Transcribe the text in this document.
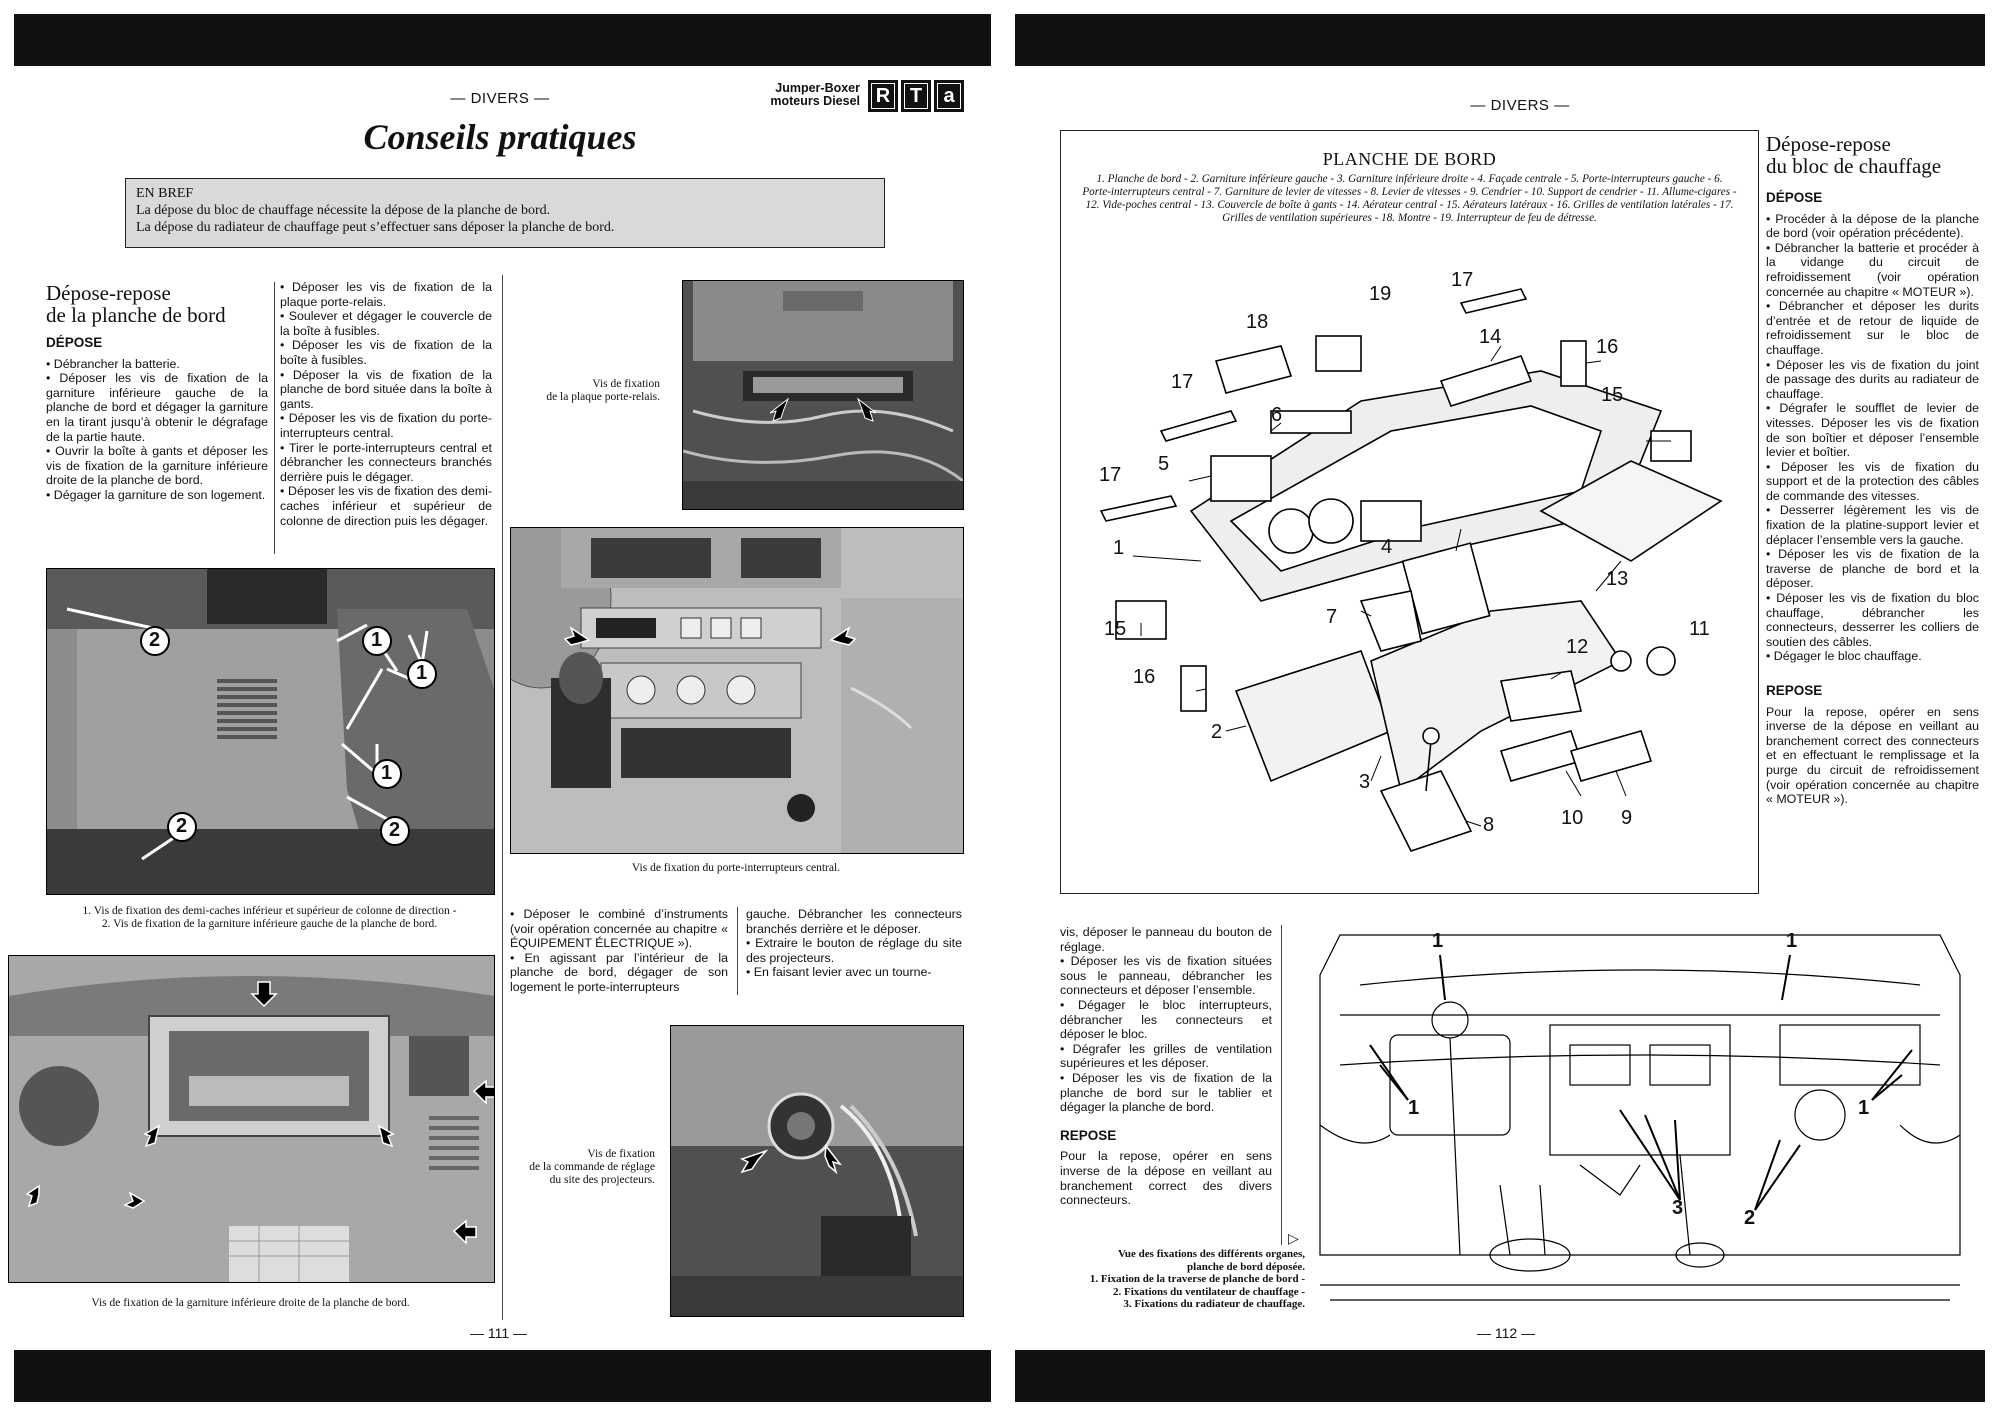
— DIVERS —
Jumper-Boxer
moteurs Diesel R T	a
Conseils pratiques
EN BREF
La dépose du bloc de chauffage nécessite la dépose de la planche de bord.
La dépose du radiateur de chauffage peut s’effectuer sans déposer la planche de bord.
Dépose-repose
de la planche de bord
DÉPOSE

• Débrancher la batterie.

• Déposer les vis de fixation de la garniture inférieure gauche de la planche de bord et dégager la garniture en la tirant jusqu’à obtenir le dégrafage de la partie haute.

• Ouvrir la boîte à gants et déposer les vis de fixation de la garniture inférieure droite de la planche de bord.

• Dégager la garniture de son logement.

• Déposer les vis de fixation de la plaque porte-relais.

• Soulever et dégager le couvercle de la boîte à fusibles.

• Déposer les vis de fixation de la boîte à fusibles.

• Déposer la vis de fixation de la planche de bord située dans la boîte à gants.

• Déposer les vis de fixation du porte-interrupteurs central.

• Tirer le porte-interrupteurs central et débrancher les connecteurs branchés derrière puis le dégager.

• Déposer les vis de fixation des demi-caches inférieur et supérieur de colonne de direction puis les dégager.

Vis de fixation
de la plaque porte-relais.
Vis de fixation du porte-interrupteurs central.
1
1
1
2
2	2
1. Vis de fixation des demi-caches inférieur et supérieur de colonne de direction -
2. Vis de fixation de la garniture inférieure gauche de la planche de bord.

• Déposer le combiné d’instruments (voir opération concernée au chapitre « ÉQUIPEMENT ÉLECTRIQUE »).

• En agissant par l’intérieur de la planche de bord, dégager de son logement le porte-interrupteurs

gauche. Débrancher les connecteurs branchés derrière et le déposer.

• Extraire le bouton de réglage du site des projecteurs.

• En faisant levier avec un tourne-

Vis de fixation de la garniture inférieure droite de la planche de bord.
Vis de fixation
de la commande de réglage
du site des projecteurs.
— 111 —
— DIVERS —
PLANCHE DE BORD
1. Planche de bord - 2. Garniture inférieure gauche - 3. Garniture inférieure droite - 4. Façade centrale - 5. Porte-interrupteurs gauche - 6. Porte-interrupteurs central - 7. Garniture de levier de vitesses - 8. Levier de vitesses - 9. Cendrier - 10. Support de cendrier - 11. Allume-cigares - 12. Vide-poches central - 13. Couvercle de boîte à gants - 14. Aérateur central - 15. Aérateurs latéraux - 16. Grilles de ventilation latérales - 17. Grilles de ventilation supérieures - 18. Montre - 19. Interrupteur de feu de détresse.
1
2
3
4
5
6
7
8	9
10
11
12
13
14
15
15
16
16
17
17
17
18
19
Dépose-repose
du bloc de chauffage
DÉPOSE

• Procéder à la dépose de la planche de bord (voir opération précédente).

• Débrancher la batterie et procéder à la vidange du circuit de refroidissement (voir opération concernée au chapitre « MOTEUR »).

• Débrancher et déposer les durits d’entrée et de retour de liquide de refroidissement sur le bloc de chauffage.

• Déposer les vis de fixation du joint de passage des durits au radiateur de chauffage.

• Dégrafer le soufflet de levier de vitesses. Déposer les vis de fixation de son boîtier et déposer l’ensemble levier et boîtier.

• Déposer les vis de fixation du support et de la protection des câbles de commande des vitesses.

• Desserrer légèrement les vis de fixation de la platine-support levier et déplacer l’ensemble vers la gauche.

• Déposer les vis de fixation de la traverse de planche de bord et la déposer.

• Déposer les vis de fixation du bloc chauffage, débrancher les connecteurs, desserrer les colliers de soutien des câbles.

• Dégager le bloc chauffage.

REPOSE

Pour la repose, opérer en sens inverse de la dépose en veillant au branchement correct des connecteurs et en effectuant le remplissage et la purge du circuit de refroidissement (voir opération concernée au chapitre « MOTEUR »).

vis, déposer le panneau du bouton de réglage.

• Déposer les vis de fixation situées sous le panneau, débrancher les connecteurs et déposer l’ensemble.

• Dégager le bloc interrupteurs, débrancher les connecteurs et déposer le bloc.

• Dégrafer les grilles de ventilation supérieures et les déposer.

• Déposer les vis de fixation de la planche de bord sur le tablier et dégager la planche de bord.

REPOSE

Pour la repose, opérer en sens inverse de la dépose en veillant au branchement correct des divers connecteurs.

Vue des fixations des différents organes,
planche de bord déposée.
1. Fixation de la traverse de planche de bord -
2. Fixations du ventilateur de chauffage -
3. Fixations du radiateur de chauffage.
▷
1
1
1
1
2
3
— 112 —
